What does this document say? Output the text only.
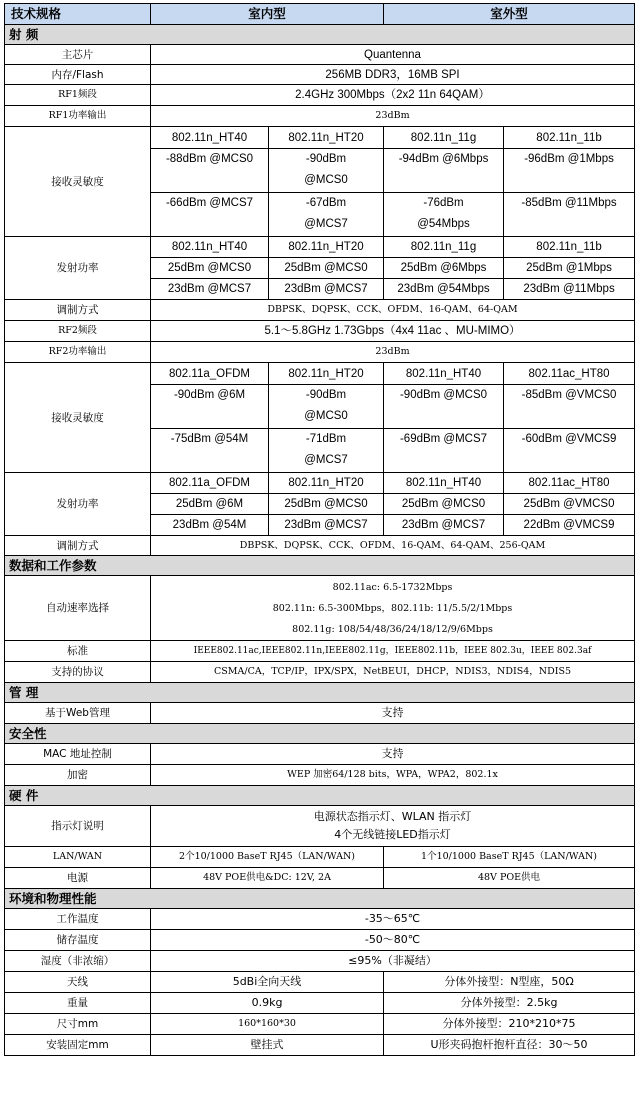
技术规格	室内型		室外型	
射 频				
主芯片	Quantenna			
内存/Flash	256MB DDR3，16MB SPI			
RF1频段	2.4GHz 300Mbps（2x2 11n 64QAM）			
RF1功率输出	23dBm			
接收灵敏度	802.11n_HT40	802.11n_HT20	802.11n_11g	802.11n_11b
	-88dBm @MCS0	-90dBm @MCS0	-94dBm @6Mbps	-96dBm @1Mbps
	-66dBm @MCS7	-67dBm @MCS7	-76dBm @54Mbps	-85dBm @11Mbps
发射功率	802.11n_HT40	802.11n_HT20	802.11n_11g	802.11n_11b
	25dBm @MCS0	25dBm @MCS0	25dBm @6Mbps	25dBm @1Mbps
	23dBm @MCS7	23dBm @MCS7	23dBm @54Mbps	23dBm @11Mbps
调制方式	DBPSK、DQPSK、CCK、OFDM、16-QAM、64-QAM			
RF2频段	5.1～5.8GHz 1.73Gbps（4x4 11ac 、MU-MIMO）			
RF2功率输出	23dBm			
接收灵敏度	802.11a_OFDM	802.11n_HT20	802.11n_HT40	802.11ac_HT80
	-90dBm @6M	-90dBm @MCS0	-90dBm @MCS0	-85dBm @VMCS0
	-75dBm @54M	-71dBm @MCS7	-69dBm @MCS7	-60dBm @VMCS9
发射功率	802.11a_OFDM	802.11n_HT20	802.11n_HT40	802.11ac_HT80
	25dBm @6M	25dBm @MCS0	25dBm @MCS0	25dBm @VMCS0
	23dBm @54M	23dBm @MCS7	23dBm @MCS7	22dBm @VMCS9
调制方式	DBPSK、DQPSK、CCK、OFDM、16-QAM、64-QAM、256-QAM			
数据和工作参数				
自动速率选择	802.11ac: 6.5-1732Mbps
802.11n: 6.5-300Mbps，802.11b: 11/5.5/2/1Mbps
802.11g: 108/54/48/36/24/18/12/9/6Mbps			

标准	IEEE802.11ac,IEEE802.11n,IEEE802.11g，IEEE802.11b，IEEE 802.3u，IEEE 802.3af			
支持的协议	CSMA/CA，TCP/IP，IPX/SPX，NetBEUI，DHCP，NDIS3，NDIS4，NDIS5			
管 理				
基于Web管理	支持			
安全性				
MAC 地址控制	支持			
加密	WEP 加密64/128 bits，WPA，WPA2，802.1x			
硬 件				
指示灯说明	电源状态指示灯、WLAN 指示灯
4个无线链接LED指示灯			

LAN/WAN	2个10/1000 BaseT RJ45（LAN/WAN)		1个10/1000 BaseT RJ45（LAN/WAN)	
电源	48V POE供电&DC: 12V, 2A		48V POE供电	
环境和物理性能				
工作温度	-35～65℃			
储存温度	-50～80℃			
湿度（非浓缩）	≤95%（非凝结）			
天线	5dBi全向天线		分体外接型：N型座，50Ω	
重量	0.9kg		分体外接型：2.5kg	
尺寸mm	160*160*30		分体外接型：210*210*75	
安装固定mm	壁挂式		U形夹码抱杆抱杆直径：30～50	
